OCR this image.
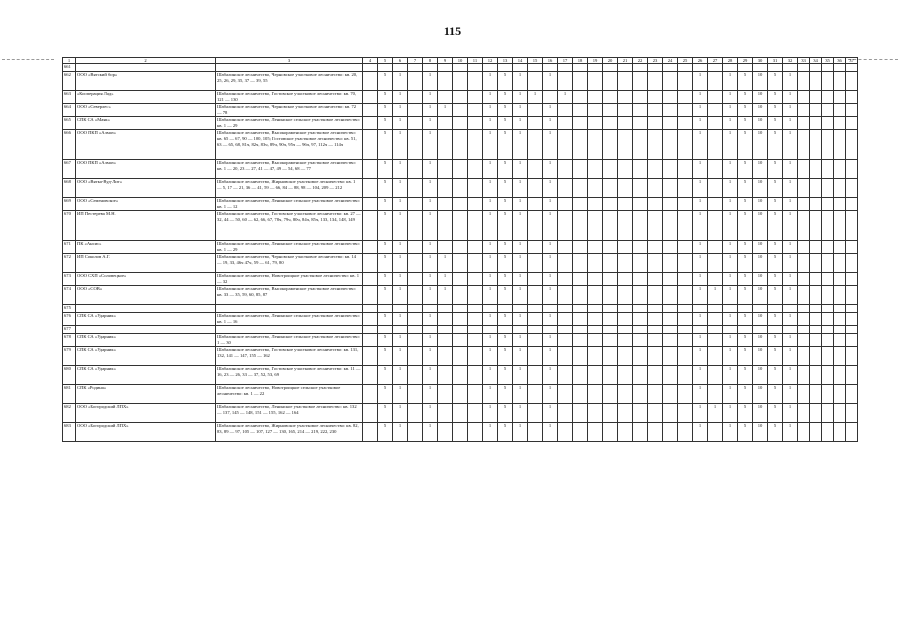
115
1	2	3	4	5	6	7	8	9	10	11	12	13	14	15	16	17	18	19	20	21	22	23	24	25	26	27	28	29	30	31	32	33	34	35	36	37
661																																				
662	ООО «Вятский бор»	Шабалинское лесничество, Черновское участковое лесничество: кв. 20, 25, 26, 29, 35, 37 — 39, 55		5	1		1				1	5	1		1										1		1	5	10	5	1					
663	«Кооперация Лад»	Шабалинское лесничество, Гостовское участковое лесничество: кв. 70, 121 — 130		5	1		1				1	5	1	1		1									1		1	5	10	5	1					
664	ООО «Северлес»	Шабалинское лесничество, Черновское участковое лесничество: кв. 72 — 78		5	1		1	1			1	5	1		1										1		1	5	10	5	1					
665	СПК СА «Маяк»	Шабалинское лесничество, Ленинское сельское участковое лесничество: кв. 1 — 29		5	1		1				1	5	1		1										1		1	5	10	5	1					
666	ООО ПКП «Алмаз»	Шабалинское лесничество, Высокораменское участковое лесничество: кв. 65 — 67, 90 — 100, 105; Гостовское участковое лесничество: кв. 51, 63 — 65, 68, 81ч, 82ч, 83ч, 89ч, 90ч, 95ч — 96ч, 97, 112ч — 114ч		5	1		1				1	5	1		1										1		1	5	10	5	1					
667	ООО ПКП «Алмаз»	Шабалинское лесничество, Высокораменское участковое лесничество: кв. 1 — 20, 23 — 27, 41 — 47, 49 — 54, 68 — 77		5	1		1				1	5	1		1										1		1	5	10	5	1					
668	ООО «Вятка-Вуд-Лит»	Шабалинское лесничество, Жирновское участковое лесничество: кв. 1 — 5, 17 — 21, 36 — 41, 59 — 66, 84 — 88, 98 — 104, 209 — 212		5	1		1				1	5	1		1										1		1	5	10	5	1					
669	ООО «Семеновское»	Шабалинское лесничество, Ленинское сельское участковое лесничество: кв. 1 — 12		5	1		1				1	5	1		1										1		1	5	10	5	1					
670	ИП Пестерева М.Н.	Шабалинское лесничество, Гостовское участковое лесничество: кв. 27 — 32, 44 — 50, 60 — 62, 66, 67, 78ч, 79ч, 80ч, 84ч, 85ч, 133, 134, 148, 149		5	1		1				1	5	1		1										1		1	5	10	5	1					
671	ПК «Ансис»	Шабалинское лесничество, Ленинское сельское участковое лесничество: кв. 1 — 29		5	1		1				1	5	1		1										1		1	5	10	5	1					
672	ИП Соколов А.Г.	Шабалинское лесничество, Черновское участковое лесничество: кв. 14 — 19, 33, 46ч 47ч, 59 — 61, 79, 80		5	1		1	1			1	5	1		1										1		1	5	10	5	1					
673	ООО СХП «Соловецкое»	Шабалинское лесничество, Новотроицкое участковое лесничество: кв. 1 — 32		5	1		1	1			1	5	1		1										1		1	5	10	5	1					
674	ООО «СОВ»	Шабалинское лесничество, Высокораменское участковое лесничество: кв. 33 — 35, 59, 60, 85, 87		5	1		1	1			1	5	1		1										1	1	1	5	10	5	1					
675																																				
676	СПК СА «Ударник»	Шабалинское лесничество, Ленинское сельское участковое лесничество: кв. 1 — 16		5	1		1				1	5	1		1										1		1	5	10	5	1					
677																																				
678	СПК СА «Ударник»	Шабалинское лесничество, Ленинское сельское участковое лесничество: 1 — 30		5	1		1				1	5	1		1										1		1	5	10	5	1					
679	СПК СА «Ударник»	Шабалинское лесничество, Гостовское участковое лесничество: кв. 131, 132, 141 — 147, 155 — 162		5	1		1				1	5	1		1										1		1	5	10	5	1					
680	СПК СА «Ударник»	Шабалинское лесничество, Гостовское участковое лесничество: кв. 11 — 16, 23 — 26, 33 — 37, 52, 53, 69		5	1		1				1	5	1		1										1		1	5	10	5	1					
681	СПК «Родина»	Шабалинское лесничество, Новотроицкое сельское участковое лесничество: кв. 1 — 22		5	1		1				1	5	1		1										1		1	5	10	5	1					
682	ООО «Богородский ЛПХ»	Шабалинское лесничество, Ленинское участковое лесничество: кв. 132 — 137, 145 — 148, 151 — 155, 162 — 164		5	1		1				1	5	1		1										1	1	1	5	10	5	1					
683	ООО «Богородский ЛПХ»	Шабалинское лесничество, Жирновское участковое лесничество: кв. 82, 83, 89 — 97, 105 — 107, 127 — 130, 165, 214 — 219, 222, 230		5	1		1				1	5	1		1										1		1	5	10	5	1					
